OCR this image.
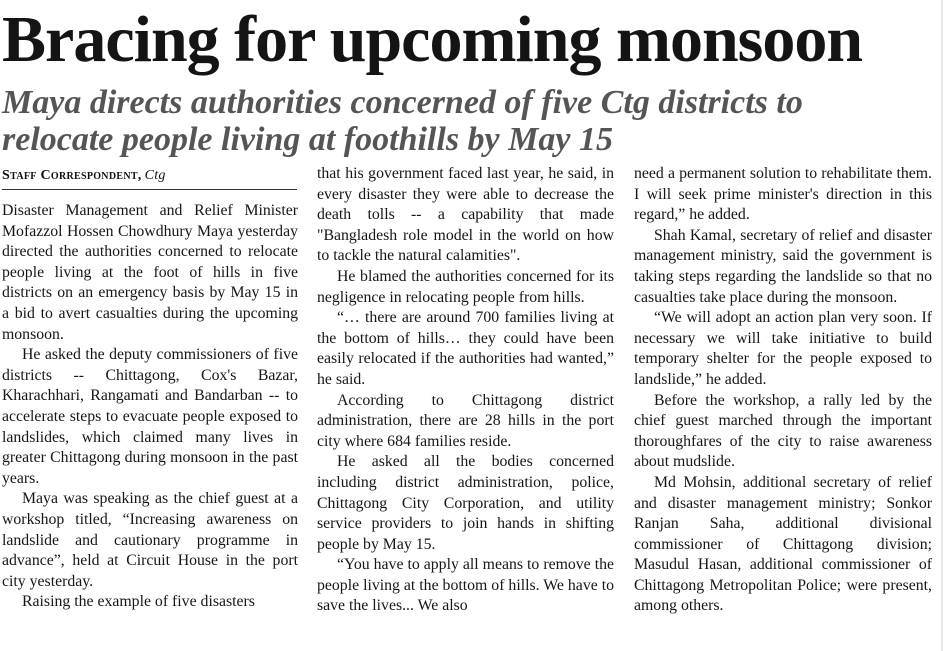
Bracing for upcoming monsoon
Maya directs authorities concerned of five Ctg districts to
relocate people living at foothills by May 15
Staff Correspondent, Ctg

Disaster Management and Relief Minister Mofazzol Hossen Chowdhury Maya yesterday directed the authorities concerned to relocate people living at the foot of hills in five districts on an emergency basis by May 15 in a bid to avert casualties during the upcoming monsoon.

He asked the deputy commissioners of five districts -- Chittagong, Cox's Bazar, Kharachhari, Rangamati and Bandarban -- to accelerate steps to evacuate people exposed to landslides, which claimed many lives in greater Chittagong during monsoon in the past years.

Maya was speaking as the chief guest at a workshop titled, “Increasing awareness on landslide and cautionary programme in advance”, held at Circuit House in the port city yesterday.

Raising the example of five disasters

that his government faced last year, he said, in every disaster they were able to decrease the death tolls -- a capability that made "Bangladesh role model in the world on how to tackle the natural calamities".

He blamed the authorities concerned for its negligence in relocating people from hills.

“… there are around 700 families living at the bottom of hills… they could have been easily relocated if the authorities had wanted,” he said.

According to Chittagong district administration, there are 28 hills in the port city where 684 families reside.

He asked all the bodies concerned including district administration, police, Chittagong City Corporation, and utility service providers to join hands in shifting people by May 15.

“You have to apply all means to remove the people living at the bottom of hills. We have to save the lives... We also

need a permanent solution to rehabilitate them. I will seek prime minister's direction in this regard,” he added.

Shah Kamal, secretary of relief and disaster management ministry, said the government is taking steps regarding the landslide so that no casualties take place during the monsoon.

“We will adopt an action plan very soon. If necessary we will take initiative to build temporary shelter for the people exposed to landslide,” he added.

Before the workshop, a rally led by the chief guest marched through the important thoroughfares of the city to raise awareness about mudslide.

Md Mohsin, additional secretary of relief and disaster management ministry; Sonkor Ranjan Saha, additional divisional commissioner of Chittagong division; Masudul Hasan, additional commissioner of Chittagong Metropolitan Police; were present, among others.
